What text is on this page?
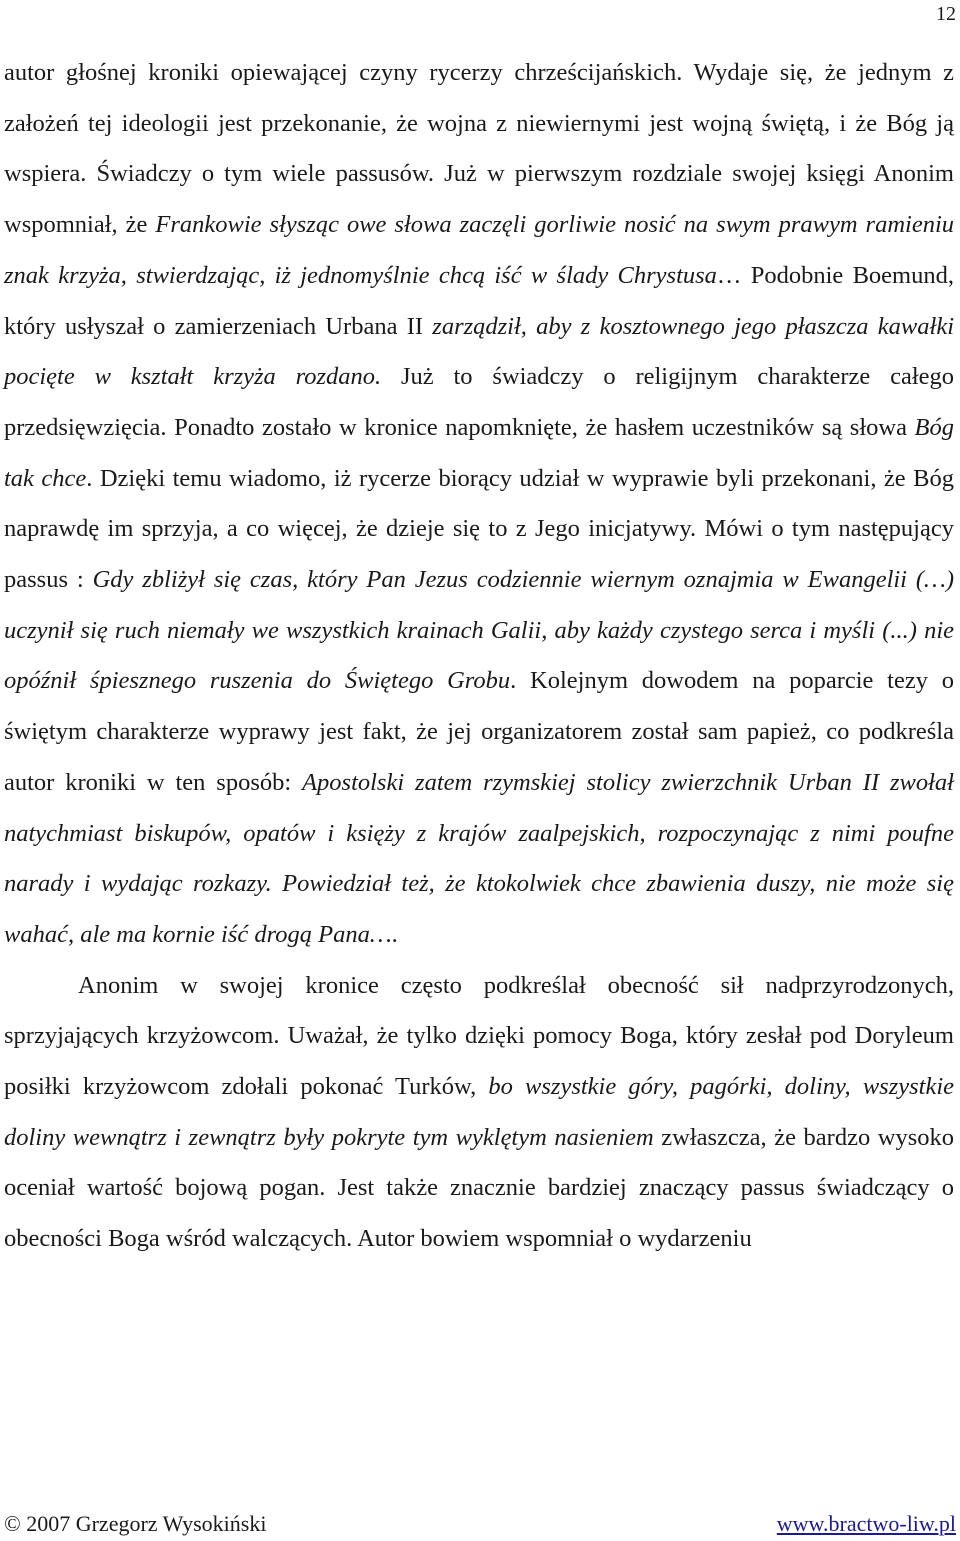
12

autor głośnej kroniki opiewającej czyny rycerzy chrześcijańskich. Wydaje się, że jednym z założeń tej ideologii jest przekonanie, że wojna z niewiernymi jest wojną świętą, i że Bóg ją wspiera. Świadczy o tym wiele passusów. Już w pierwszym rozdziale swojej księgi Anonim wspomniał, że Frankowie słysząc owe słowa zaczęli gorliwie nosić na swym prawym ramieniu znak krzyża, stwierdzając, iż jednomyślnie chcą iść w ślady Chrystusa… Podobnie Boemund, który usłyszał o zamierzeniach Urbana II zarządził, aby z kosztownego jego płaszcza kawałki pocięte w kształt krzyża rozdano. Już to świadczy o religijnym charakterze całego przedsięwzięcia. Ponadto zostało w kronice napomknięte, że hasłem uczestników są słowa Bóg tak chce. Dzięki temu wiadomo, iż rycerze biorący udział w wyprawie byli przekonani, że Bóg naprawdę im sprzyja, a co więcej, że dzieje się to z Jego inicjatywy. Mówi o tym następujący passus : Gdy zbliżył się czas, który Pan Jezus codziennie wiernym oznajmia w Ewangelii (…) uczynił się ruch niemały we wszystkich krainach Galii, aby każdy czystego serca i myśli (...) nie opóźnił śpiesznego ruszenia do Świętego Grobu. Kolejnym dowodem na poparcie tezy o świętym charakterze wyprawy jest fakt, że jej organizatorem został sam papież, co podkreśla autor kroniki w ten sposób: Apostolski zatem rzymskiej stolicy zwierzchnik Urban II zwołał natychmiast biskupów, opatów i księży z krajów zaalpejskich, rozpoczynając z nimi poufne narady i wydając rozkazy. Powiedział też, że ktokolwiek chce zbawienia duszy, nie może się wahać, ale ma kornie iść drogą Pana….

Anonim w swojej kronice często podkreślał obecność sił nadprzyrodzonych, sprzyjających krzyżowcom. Uważał, że tylko dzięki pomocy Boga, który zesłał pod Doryleum posiłki krzyżowcom zdołali pokonać Turków, bo wszystkie góry, pagórki, doliny, wszystkie doliny wewnątrz i zewnątrz były pokryte tym wyklętym nasieniem zwłaszcza, że bardzo wysoko oceniał wartość bojową pogan. Jest także znacznie bardziej znaczący passus świadczący o obecności Boga wśród walczących. Autor bowiem wspomniał o wydarzeniu

© 2007 Grzegorz Wysokiński	www.bractwo-liw.pl
